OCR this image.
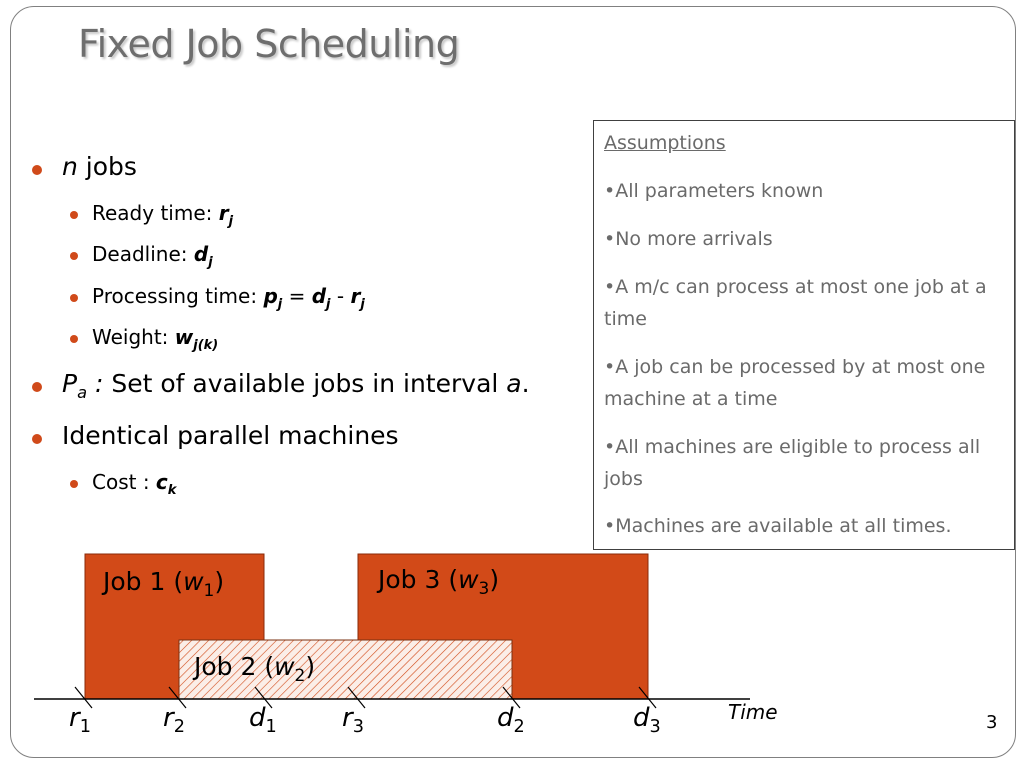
Fixed Job Scheduling
n jobs
Ready time: $r_j$
Deadline: $d_j$
Processing time: $p_j = d_j - r_j$
Weight: $w_{j(k)}$
$P_a$ : Set of available jobs in interval a.
Identical parallel machines
Cost : $c_k$
Assumptions
•All parameters known
•No more arrivals
•A m/c can process at most one job at a time
•A job can be processed by at most one machine at a time
•All machines are eligible to process all jobs
•Machines are available at all times.
Job 1 $(w_1)$
Job 2 $(w_2)$
Job 3 $(w_3)$
$r_1$	$r_2$ $d_1$	$r_3$	$d_2$	$d_3$
Time	3
